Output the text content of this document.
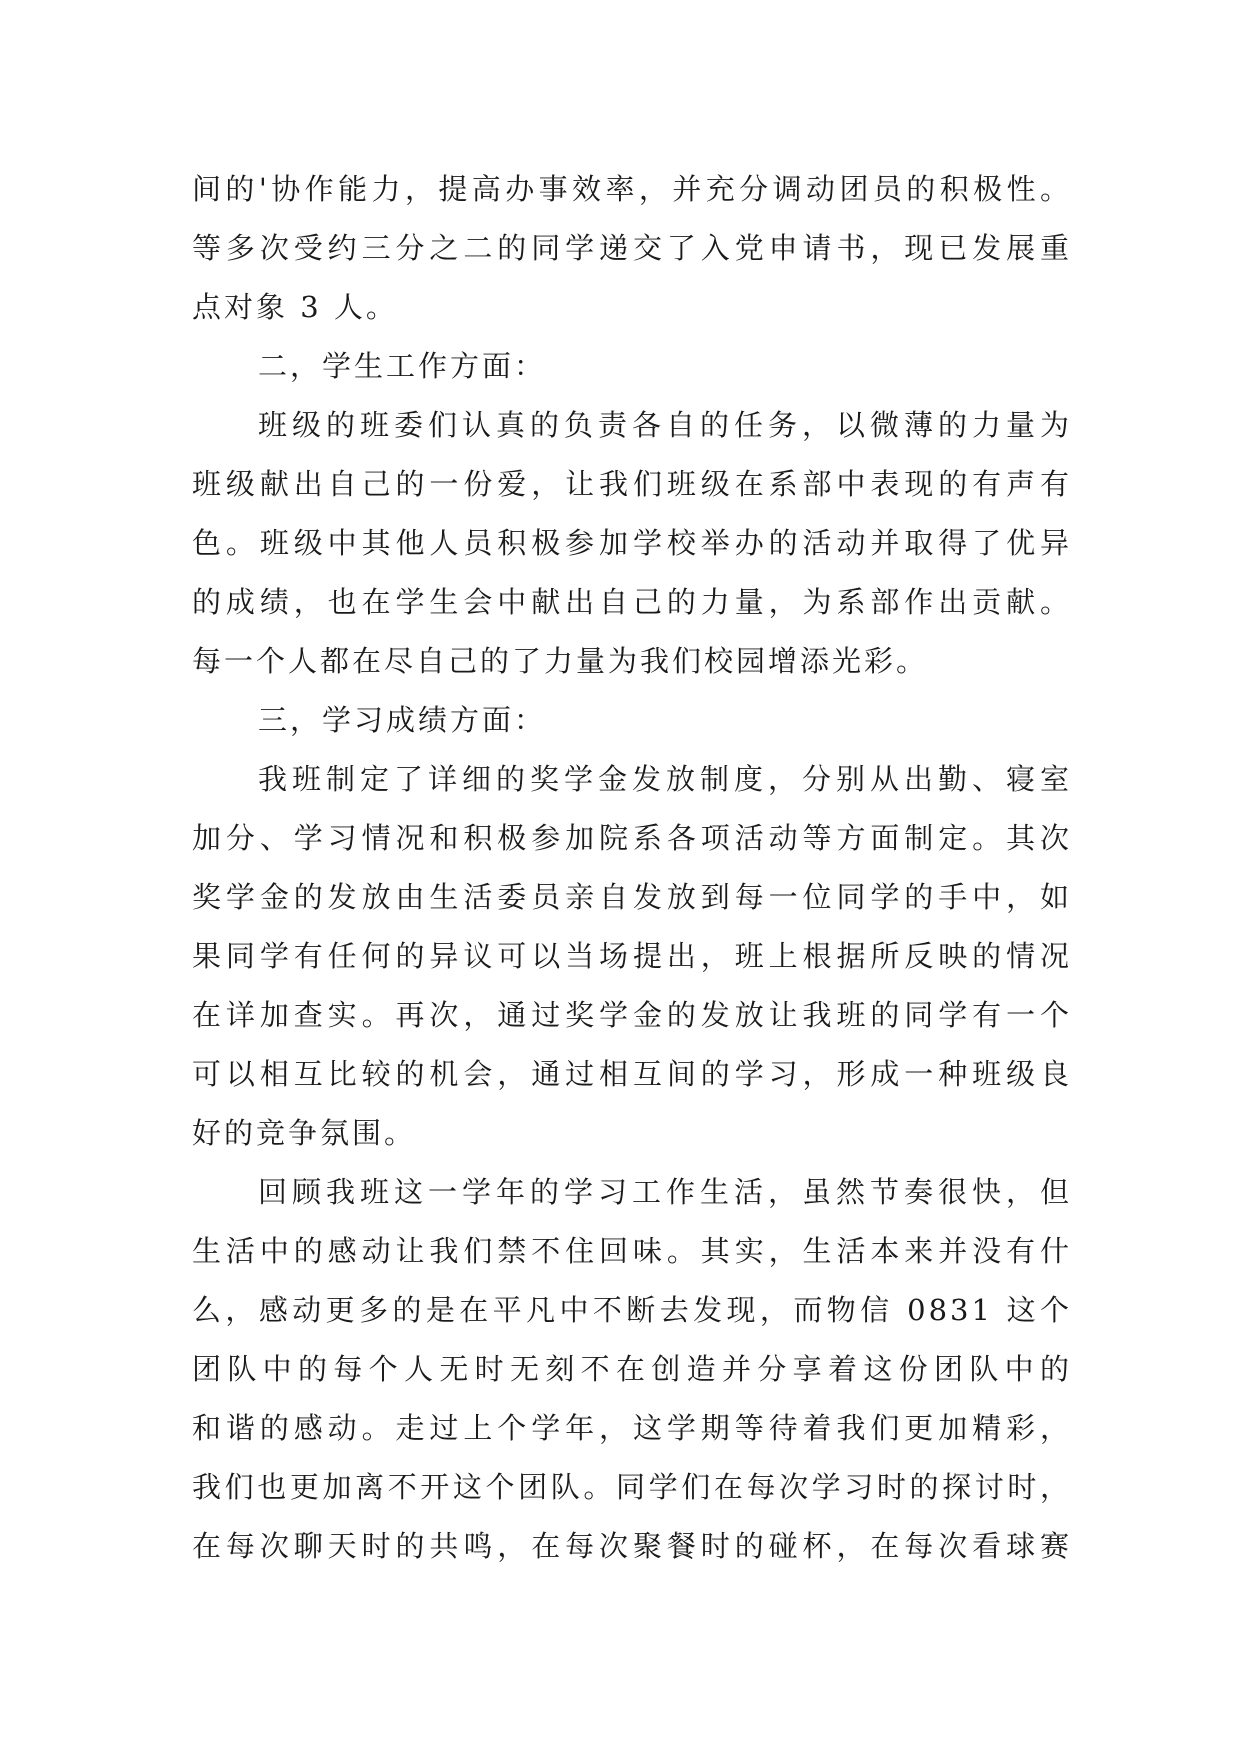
间的'协作能力，提高办事效率，并充分调动团员的积极性。
等多次受约三分之二的同学递交了入党申请书，现已发展重
点对象 3 人。
二，学生工作方面：
班级的班委们认真的负责各自的任务，以微薄的力量为
班级献出自己的一份爱，让我们班级在系部中表现的有声有
色。班级中其他人员积极参加学校举办的活动并取得了优异
的成绩，也在学生会中献出自己的力量，为系部作出贡献。
每一个人都在尽自己的了力量为我们校园增添光彩。
三，学习成绩方面：
我班制定了详细的奖学金发放制度，分别从出勤、寝室
加分、学习情况和积极参加院系各项活动等方面制定。其次
奖学金的发放由生活委员亲自发放到每一位同学的手中，如
果同学有任何的异议可以当场提出，班上根据所反映的情况
在详加查实。再次，通过奖学金的发放让我班的同学有一个
可以相互比较的机会，通过相互间的学习，形成一种班级良
好的竞争氛围。
回顾我班这一学年的学习工作生活，虽然节奏很快，但
生活中的感动让我们禁不住回味。其实，生活本来并没有什
么，感动更多的是在平凡中不断去发现，而物信 0831 这个
团队中的每个人无时无刻不在创造并分享着这份团队中的
和谐的感动。走过上个学年，这学期等待着我们更加精彩，
我们也更加离不开这个团队。同学们在每次学习时的探讨时，
在每次聊天时的共鸣，在每次聚餐时的碰杯，在每次看球赛
